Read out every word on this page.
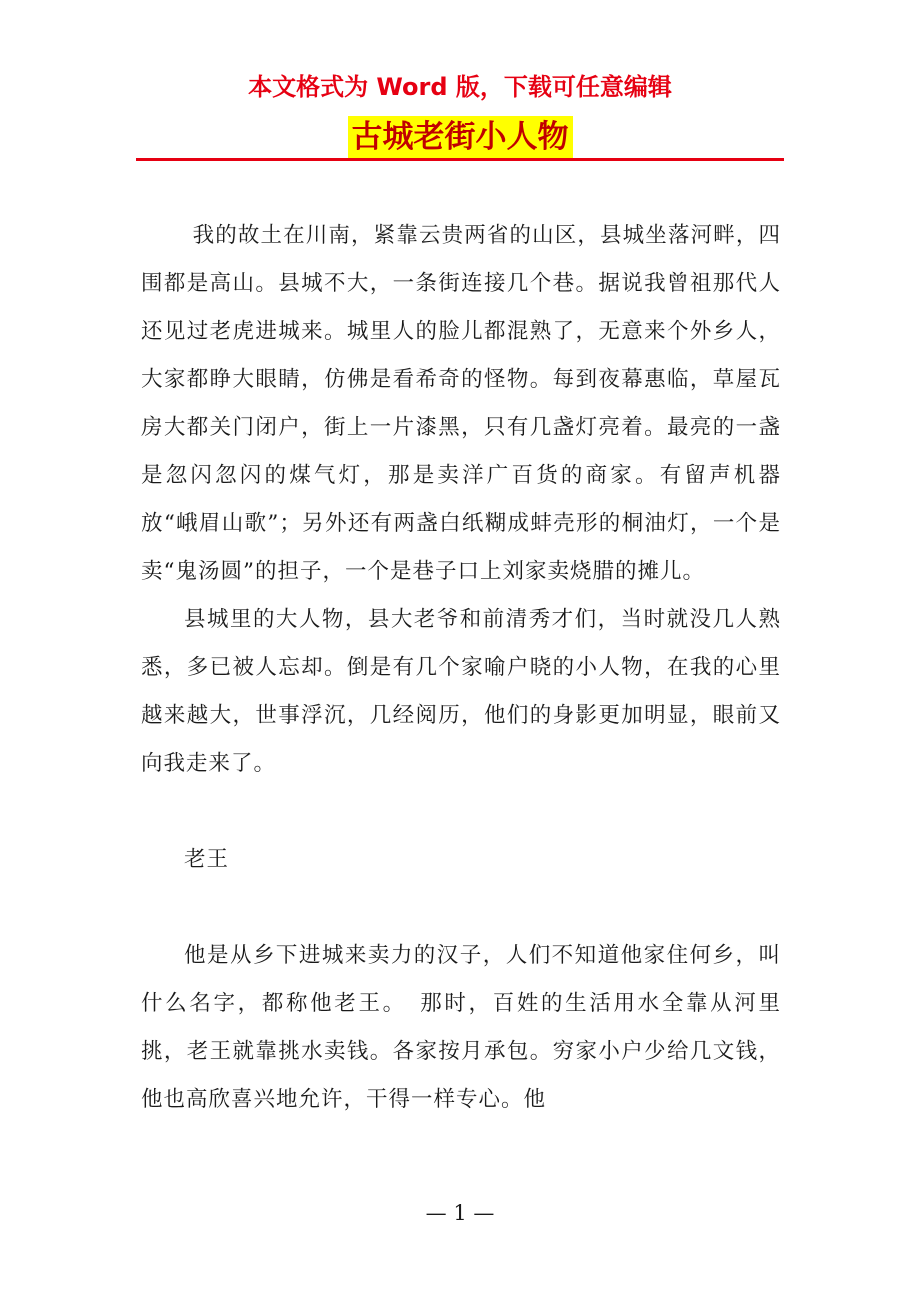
本文格式为 Word 版，下载可任意编辑
古城老街小人物

我的故土在川南，紧靠云贵两省的山区，县城坐落河畔，四围都是高山。县城不大，一条街连接几个巷。据说我曾祖那代人还见过老虎进城来。城里人的脸儿都混熟了，无意来个外乡人，大家都睁大眼睛，仿佛是看希奇的怪物。每到夜幕惠临，草屋瓦房大都关门闭户，街上一片漆黑，只有几盏灯亮着。最亮的一盏是忽闪忽闪的煤气灯，那是卖洋广百货的商家。有留声机器放“峨眉山歌”；另外还有两盏白纸糊成蚌壳形的桐油灯，一个是卖“鬼汤圆”的担子，一个是巷子口上刘家卖烧腊的摊儿。

县城里的大人物，县大老爷和前清秀才们，当时就没几人熟悉，多已被人忘却。倒是有几个家喻户晓的小人物，在我的心里越来越大，世事浮沉，几经阅历，他们的身影更加明显，眼前又向我走来了。

老王

他是从乡下进城来卖力的汉子，人们不知道他家住何乡，叫什么名字，都称他老王。　那时，百姓的生活用水全靠从河里挑，老王就靠挑水卖钱。各家按月承包。穷家小户少给几文钱，他也高欣喜兴地允许，干得一样专心。他

— 1 —
